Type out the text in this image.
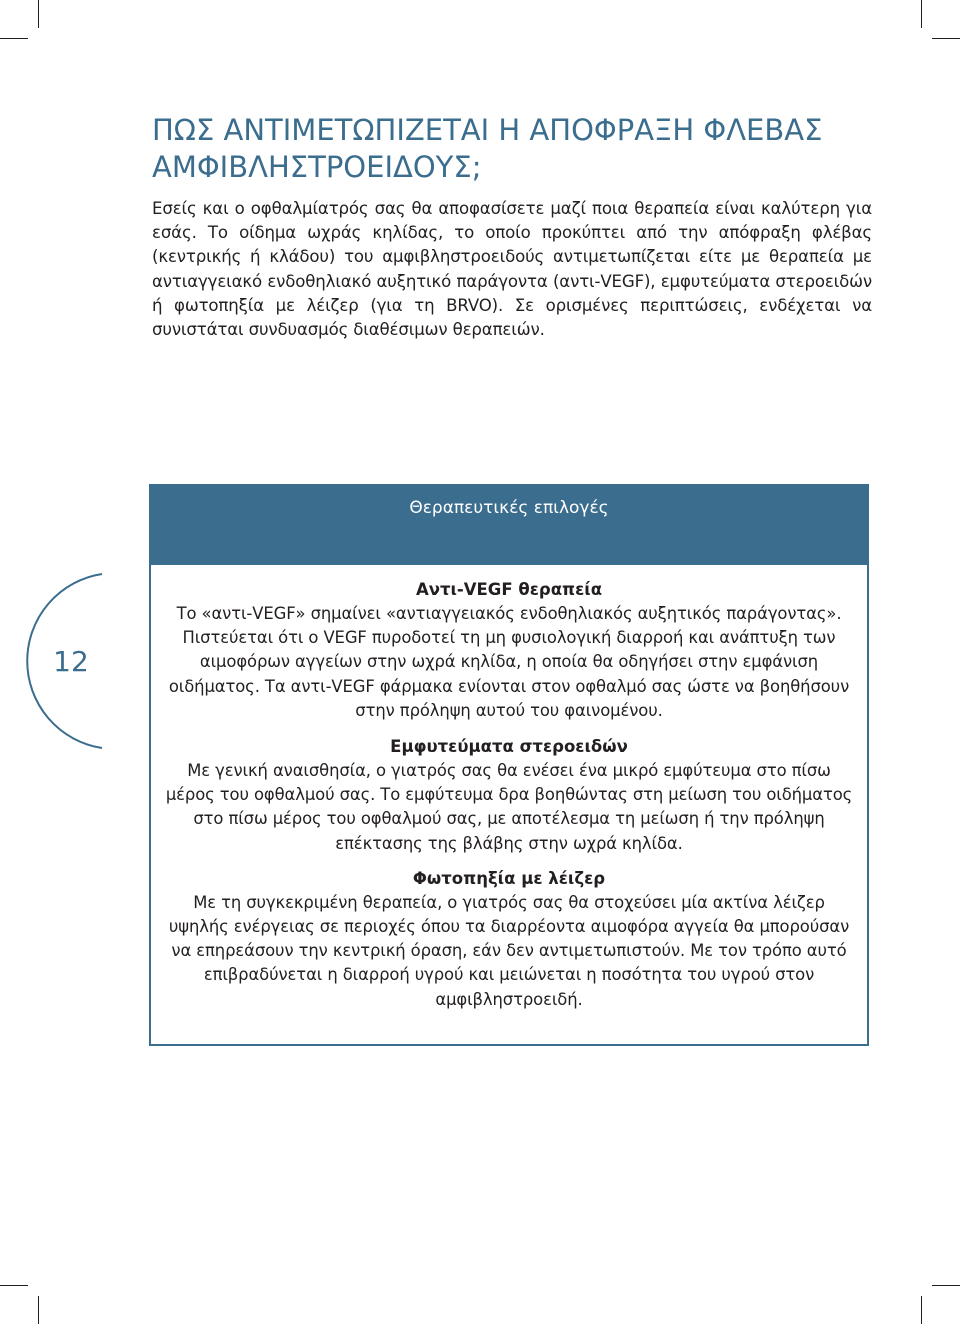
ΠΩΣ ΑΝΤΙΜΕΤΩΠΙΖΕΤΑΙ Η ΑΠΟΦΡΑΞΗ ΦΛΕΒΑΣ
ΑΜΦΙΒΛΗΣΤΡΟΕΙΔΟΥΣ;

Εσείς και ο οφθαλμίατρός σας θα αποφασίσετε μαζί ποια θεραπεία είναι καλύτερη για εσάς. Το οίδημα ωχράς κηλίδας, το οποίο προκύπτει από την απόφραξη φλέβας (κεντρικής ή κλάδου) του αμφιβληστροειδούς αντιμετωπίζεται είτε με θεραπεία με αντιαγγειακό ενδοθηλιακό αυξητικό παράγοντα (αντι-VEGF), εμφυτεύματα στεροειδών ή φωτοπηξία με λέιζερ (για τη BRVO). Σε ορισμένες περιπτώσεις, ενδέχεται να συνιστάται συνδυασμός διαθέσιμων θεραπειών.

12
Θεραπευτικές επιλογές
Αντι-VEGF θεραπεία

Το «αντι-VEGF» σημαίνει «αντιαγγειακός ενδοθηλιακός αυξητικός παράγοντας». Πιστεύεται ότι ο VEGF πυροδοτεί τη μη φυσιολογική διαρροή και ανάπτυξη των αιμοφόρων αγγείων στην ωχρά κηλίδα, η οποία θα οδηγήσει στην εμφάνιση οιδήματος. Τα αντι-VEGF φάρμακα ενίονται στον οφθαλμό σας ώστε να βοηθήσουν στην πρόληψη αυτού του φαινομένου.

Εμφυτεύματα στεροειδών

Με γενική αναισθησία, ο γιατρός σας θα ενέσει ένα μικρό εμφύτευμα στο πίσω μέρος του οφθαλμού σας. Το εμφύτευμα δρα βοηθώντας στη μείωση του οιδήματος στο πίσω μέρος του οφθαλμού σας, με αποτέλεσμα τη μείωση ή την πρόληψη επέκτασης της βλάβης στην ωχρά κηλίδα.

Φωτοπηξία με λέιζερ

Με τη συγκεκριμένη θεραπεία, ο γιατρός σας θα στοχεύσει μία ακτίνα λέιζερ υψηλής ενέργειας σε περιοχές όπου τα διαρρέοντα αιμοφόρα αγγεία θα μπορούσαν να επηρεάσουν την κεντρική όραση, εάν δεν αντιμετωπιστούν. Με τον τρόπο αυτό επιβραδύνεται η διαρροή υγρού και μειώνεται η ποσότητα του υγρού στον αμφιβληστροειδή.
